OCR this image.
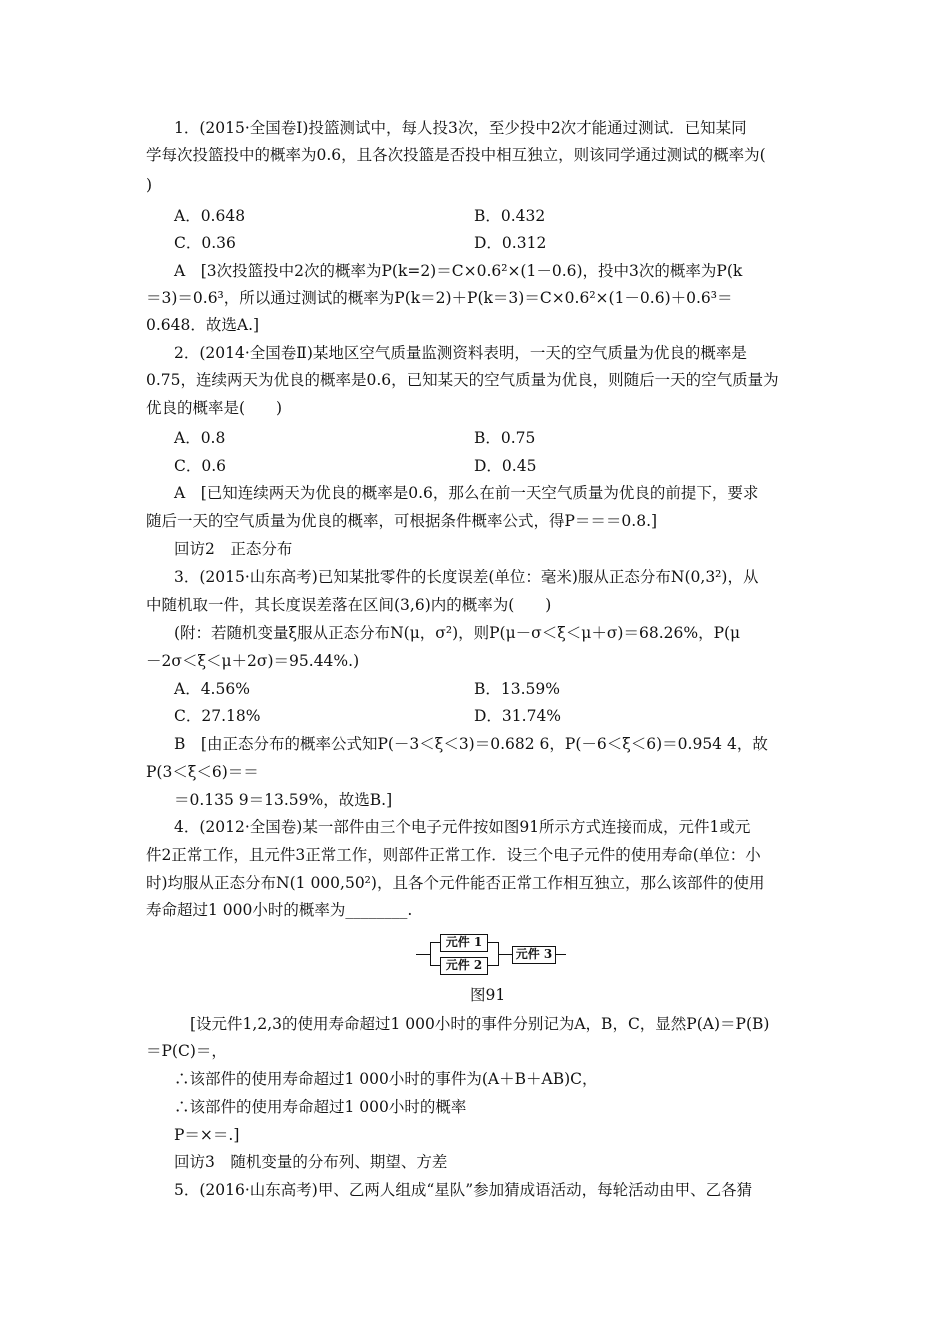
1．(2015·全国卷Ⅰ)投篮测试中，每人投3次，至少投中2次才能通过测试．已知某同
学每次投篮投中的概率为0.6，且各次投篮是否投中相互独立，则该同学通过测试的概率为(
)
A．0.648	B．0.432
C．0.36	D．0.312
A　[3次投篮投中2次的概率为P(k=2)＝C×0.6²×(1－0.6)，投中3次的概率为P(k
＝3)＝0.6³，所以通过测试的概率为P(k＝2)＋P(k＝3)＝C×0.6²×(1－0.6)＋0.6³＝
0.648．故选A.]
2．(2014·全国卷Ⅱ)某地区空气质量监测资料表明，一天的空气质量为优良的概率是
0.75，连续两天为优良的概率是0.6，已知某天的空气质量为优良，则随后一天的空气质量为
优良的概率是(　　)
A．0.8	B．0.75
C．0.6	D．0.45
A　[已知连续两天为优良的概率是0.6，那么在前一天空气质量为优良的前提下，要求
随后一天的空气质量为优良的概率，可根据条件概率公式，得P＝＝＝0.8.]
回访2　正态分布
3．(2015·山东高考)已知某批零件的长度误差(单位：毫米)服从正态分布N(0,3²)，从
中随机取一件，其长度误差落在区间(3,6)内的概率为(　　)
(附：若随机变量ξ服从正态分布N(μ，σ²)，则P(μ－σ＜ξ＜μ＋σ)＝68.26%，P(μ
－2σ＜ξ＜μ＋2σ)＝95.44%.)
A．4.56%	B．13.59%
C．27.18%	D．31.74%
B　[由正态分布的概率公式知P(－3＜ξ＜3)＝0.682 6，P(－6＜ξ＜6)＝0.954 4，故
P(3＜ξ＜6)＝＝
＝0.135 9＝13.59%，故选B.]
4．(2012·全国卷)某一部件由三个电子元件按如图91所示方式连接而成，元件1或元
件2正常工作，且元件3正常工作，则部件正常工作．设三个电子元件的使用寿命(单位：小
时)均服从正态分布N(1 000,50²)，且各个元件能否正常工作相互独立，那么该部件的使用
寿命超过1 000小时的概率为________.
元件 1
元件 2
元件 3
图91
[设元件1,2,3的使用寿命超过1 000小时的事件分别记为A，B，C，显然P(A)＝P(B)
＝P(C)＝，
∴该部件的使用寿命超过1 000小时的事件为(A＋B＋AB)C，
∴该部件的使用寿命超过1 000小时的概率
P＝×＝.]
回访3　随机变量的分布列、期望、方差
5．(2016·山东高考)甲、乙两人组成“星队”参加猜成语活动，每轮活动由甲、乙各猜
